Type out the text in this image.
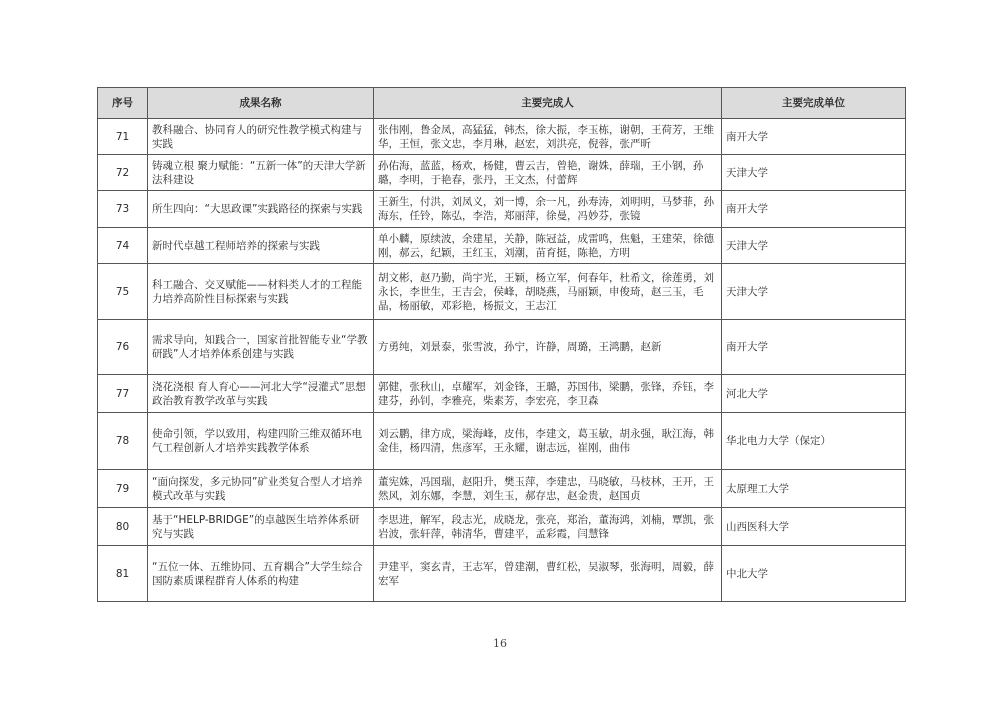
序号	成果名称	主要完成人	主要完成单位
71	教科融合、协同育人的研究性教学模式构建与实践	张伟刚，鲁金凤，高猛猛，韩杰，徐大振，李玉栋，谢朝，王荷芳，王维华，王恒，张文忠，李月琳，赵宏，刘洪亮，倪蓉，张严昕	南开大学
72	铸魂立根 聚力赋能：“五新一体”的天津大学新法科建设	孙佑海，蓝蓝，杨欢，杨健，曹云吉，曾艳，谢姝，薛瑞，王小钢，孙璐，李明，于艳春，张丹，王文杰，付蕾辉	天津大学
73	所生四向：“大思政课”实践路径的探索与实践	王新生，付洪，刘凤义，刘一博，余一凡，孙寿涛，刘明明，马梦菲，孙海东，任铃，陈弘，李浩，郑丽萍，徐曼，冯妙芬，张镜	南开大学
74	新时代卓越工程师培养的探索与实践	单小麟，原续波，余建星，关静，陈冠益，成雷鸣，焦魁，王建荣，徐德刚，郝云，纪颖，王红玉，刘潮，苗育挺，陈艳，方明	天津大学
75	科工融合、交叉赋能——材料类人才的工程能力培养高阶性目标探索与实践	胡文彬，赵乃勤，尚宇光，王颖，杨立军，何春年，杜希文，徐莲勇，刘永长，李世生，王吉会，侯峰，胡晓燕，马丽颖，申俊琦，赵三玉，毛晶，杨丽敏，邓彩艳，杨振文，王志江	天津大学
76	需求导向，知践合一，国家首批智能专业“学教研践”人才培养体系创建与实践	方勇纯，刘景泰，张雪波，孙宁，许静，周璐，王鸿鹏，赵新	南开大学
77	浇花浇根 育人育心——河北大学“浸灌式”思想政治教育教学改革与实践	郭健，张秋山，卓耀军，刘金锋，王璐，苏国伟，梁鹏，张锋，乔钰，李建芬，孙钊，李雅亮，柴素芳，李宏亮，李卫森	河北大学
78	使命引领，学以致用，构建四阶三维双循环电气工程创新人才培养实践教学体系	刘云鹏，律方成，梁海峰，皮伟，李建文，葛玉敏，胡永强，耿江海，韩金佳，杨四清，焦彦军，王永耀，谢志远，崔刚，曲伟	华北电力大学（保定）
79	“面向探发，多元协同”矿业类复合型人才培养模式改革与实践	董宪姝，冯国瑞，赵阳升，樊玉萍，李建忠，马晓敏，马枝林，王开，王然风，刘东娜，李慧，刘生玉，郝存忠，赵金贵，赵国贞	太原理工大学
80	基于“HELP-BRIDGE”的卓越医生培养体系研究与实践	李思进，解军，段志光，成晓龙，张亮，郑治，董海鸿，刘楠，覃凯，张岩波，张轩萍，韩清华，曹建平，孟彩霞，闫慧锋	山西医科大学
81	“五位一体、五维协同、五育耦合”大学生综合国防素质课程群育人体系的构建	尹建平，窦玄青，王志军，曾建潮，曹红松，吴淑琴，张海明，周毅，薛宏军	中北大学
16
